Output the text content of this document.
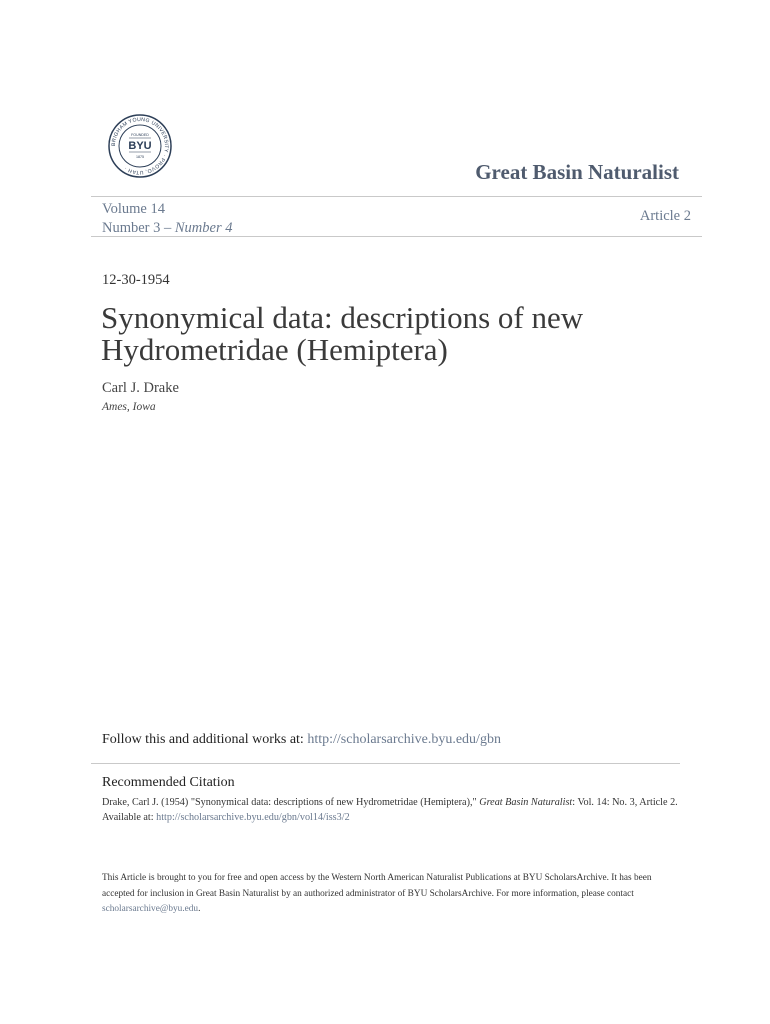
BRIGHAM YOUNG UNIVERSITY · PROVO, UTAH ·
FOUNDED
BYU
1875
Great Basin Naturalist
Volume 14
Number 3 – Number 4
Article 2
12-30-1954
Synonymical data: descriptions of new Hydrometridae (Hemiptera)
Carl J. Drake
Ames, Iowa
Follow this and additional works at: http://scholarsarchive.byu.edu/gbn
Recommended Citation
Drake, Carl J. (1954) "Synonymical data: descriptions of new Hydrometridae (Hemiptera)," Great Basin Naturalist: Vol. 14: No. 3, Article 2.
Available at: http://scholarsarchive.byu.edu/gbn/vol14/iss3/2
This Article is brought to you for free and open access by the Western North American Naturalist Publications at BYU ScholarsArchive. It has been accepted for inclusion in Great Basin Naturalist by an authorized administrator of BYU ScholarsArchive. For more information, please contact scholarsarchive@byu.edu.
